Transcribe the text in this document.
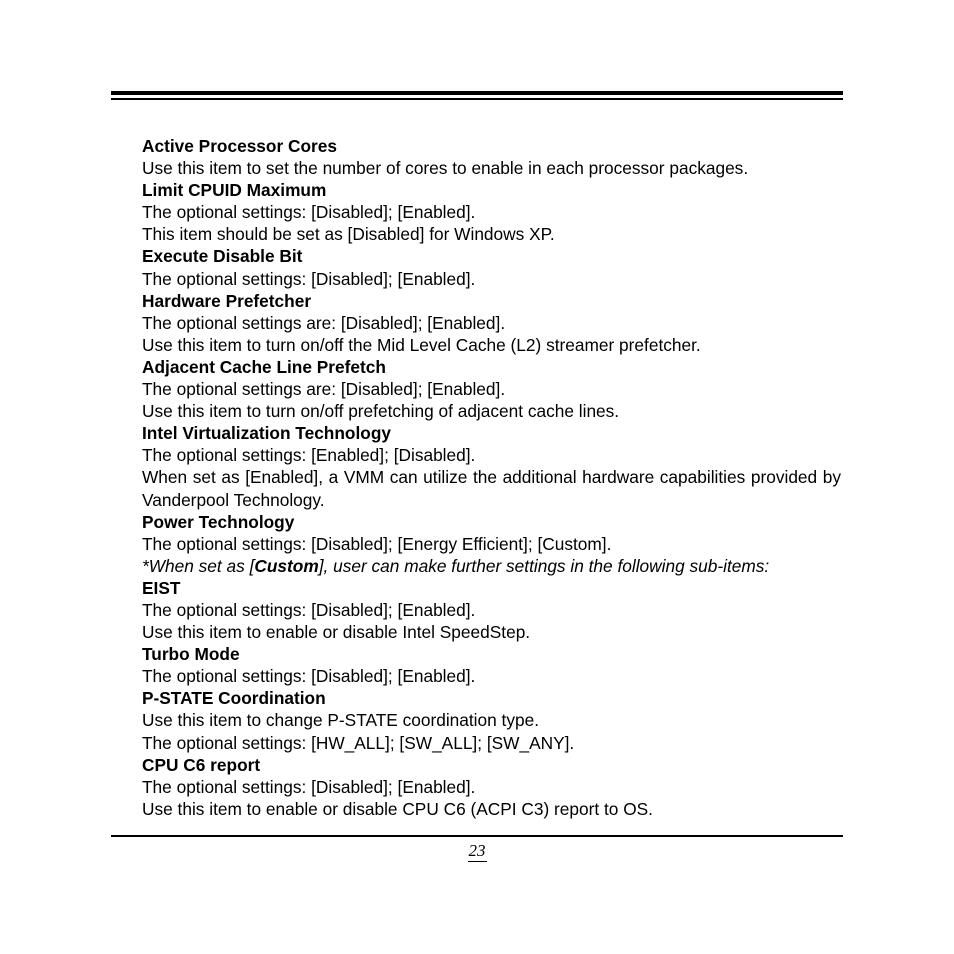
Active Processor Cores
Use this item to set the number of cores to enable in each processor packages.
Limit CPUID Maximum
The optional settings: [Disabled]; [Enabled].
This item should be set as [Disabled] for Windows XP.
Execute Disable Bit
The optional settings: [Disabled]; [Enabled].
Hardware Prefetcher
The optional settings are: [Disabled]; [Enabled].
Use this item to turn on/off the Mid Level Cache (L2) streamer prefetcher.
Adjacent Cache Line Prefetch
The optional settings are: [Disabled]; [Enabled].
Use this item to turn on/off prefetching of adjacent cache lines.
Intel Virtualization Technology
The optional settings: [Enabled]; [Disabled].
When set as [Enabled], a VMM can utilize the additional hardware capabilities provided by Vanderpool Technology.
Power Technology
The optional settings: [Disabled]; [Energy Efficient]; [Custom].
*When set as [Custom], user can make further settings in the following sub-items:
EIST
The optional settings: [Disabled]; [Enabled].
Use this item to enable or disable Intel SpeedStep.
Turbo Mode
The optional settings: [Disabled]; [Enabled].
P-STATE Coordination
Use this item to change P-STATE coordination type.
The optional settings: [HW_ALL]; [SW_ALL]; [SW_ANY].
CPU C6 report
The optional settings: [Disabled]; [Enabled].
Use this item to enable or disable CPU C6 (ACPI C3) report to OS.
23
